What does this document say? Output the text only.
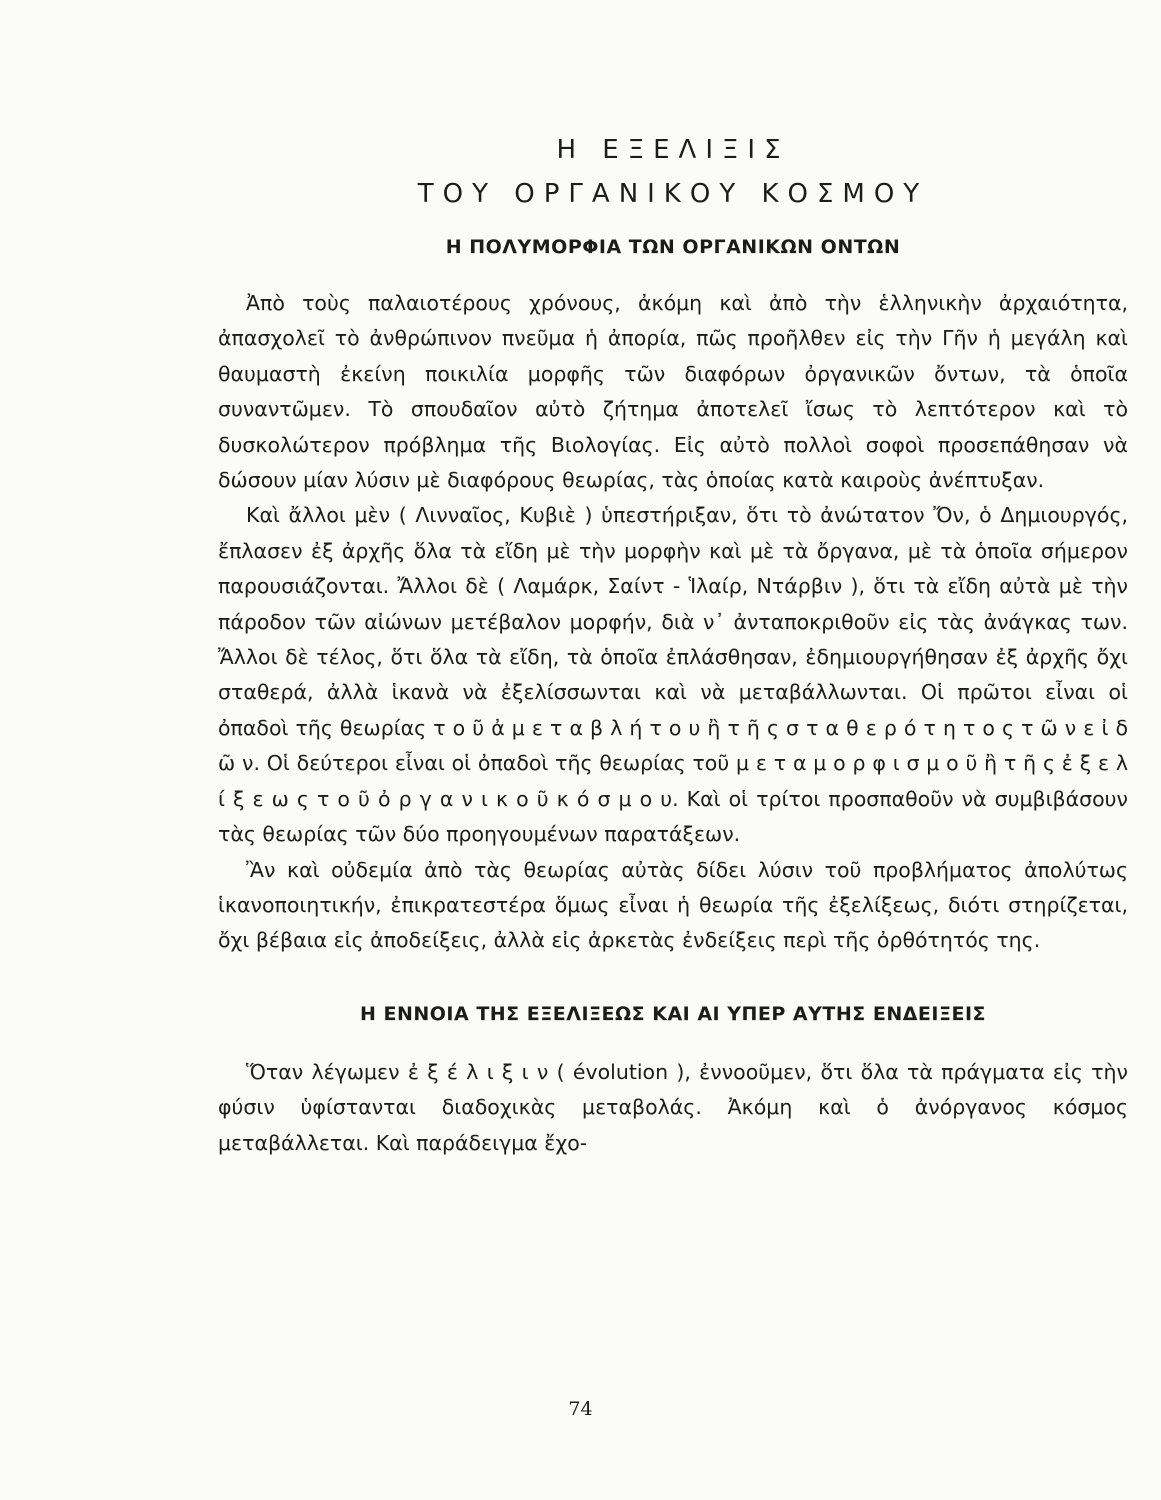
Η ΕΞΕΛΙΞΙΣ
ΤΟΥ ΟΡΓΑΝΙΚΟΥ ΚΟΣΜΟΥ
Η ΠΟΛΥΜΟΡΦΙΑ ΤΩΝ ΟΡΓΑΝΙΚΩΝ ΟΝΤΩΝ

Ἀπὸ τοὺς παλαιοτέρους χρόνους, ἀκόμη καὶ ἀπὸ τὴν ἑλληνικὴν ἀρχαιότητα, ἀπασχολεῖ τὸ ἀνθρώπινον πνεῦμα ἡ ἀπορία, πῶς προῆλθεν εἰς τὴν Γῆν ἡ μεγάλη καὶ θαυμαστὴ ἐκείνη ποικιλία μορφῆς τῶν διαφόρων ὀργανικῶν ὄντων, τὰ ὁποῖα συναντῶμεν. Τὸ σπουδαῖον αὐτὸ ζήτημα ἀποτελεῖ ἴσως τὸ λεπτότερον καὶ τὸ δυσκολώτερον πρόβλημα τῆς Βιολογίας. Εἰς αὐτὸ πολλοὶ σοφοὶ προσεπάθησαν νὰ δώσουν μίαν λύσιν μὲ διαφόρους θεωρίας, τὰς ὁποίας κατὰ καιροὺς ἀνέπτυξαν.

Καὶ ἄλλοι μὲν ( Λινναῖος, Κυβιὲ ) ὑπεστήριξαν, ὅτι τὸ ἀνώτατον Ὄν, ὁ Δημιουργός, ἔπλασεν ἐξ ἀρχῆς ὅλα τὰ εἴδη μὲ τὴν μορφὴν καὶ μὲ τὰ ὄργανα, μὲ τὰ ὁποῖα σήμερον παρουσιάζονται. Ἄλλοι δὲ ( Λαμάρκ, Σαίντ - Ἱλαίρ, Ντάρβιν ), ὅτι τὰ εἴδη αὐτὰ μὲ τὴν πάροδον τῶν αἰώνων μετέβαλον μορφήν, διὰ ν᾽ ἀνταποκριθοῦν εἰς τὰς ἀνάγκας των. Ἄλλοι δὲ τέλος, ὅτι ὅλα τὰ εἴδη, τὰ ὁποῖα ἐπλάσθησαν, ἐδημιουργήθησαν ἐξ ἀρχῆς ὄχι σταθερά, ἀλλὰ ἱκανὰ νὰ ἐξελίσσωνται καὶ νὰ μεταβάλλωνται. Οἱ πρῶτοι εἶναι οἱ ὀπαδοὶ τῆς θεωρίας τ ο ῦ ἀ μ ε τ α β λ ή τ ο υ ἢ τ ῆ ς σ τ α θ ε ρ ό τ η τ ο ς τ ῶ ν ε ἰ δ ῶ ν. Οἱ δεύτεροι εἶναι οἱ ὀπαδοὶ τῆς θεωρίας τοῦ μ ε τ α μ ο ρ φ ι σ μ ο ῦ ἢ τ ῆ ς ἐ ξ ε λ ί ξ ε ω ς τ ο ῦ ὀ ρ γ α ν ι κ ο ῦ κ ό σ μ ο υ. Καὶ οἱ τρίτοι προσπαθοῦν νὰ συμβιβάσουν τὰς θεωρίας τῶν δύο προηγουμένων παρατάξεων.

Ἂν καὶ οὐδεμία ἀπὸ τὰς θεωρίας αὐτὰς δίδει λύσιν τοῦ προβλήματος ἀπολύτως ἱκανοποιητικήν, ἐπικρατεστέρα ὅμως εἶναι ἡ θεωρία τῆς ἐξελίξεως, διότι στηρίζεται, ὄχι βέβαια εἰς ἀποδείξεις, ἀλλὰ εἰς ἀρκετὰς ἐνδείξεις περὶ τῆς ὀρθότητός της.

Η ΕΝΝΟΙΑ ΤΗΣ ΕΞΕΛΙΞΕΩΣ ΚΑΙ ΑΙ ΥΠΕΡ ΑΥΤΗΣ ΕΝΔΕΙΞΕΙΣ

Ὅταν λέγωμεν ἐ ξ έ λ ι ξ ι ν ( évolution ), ἐννοοῦμεν, ὅτι ὅλα τὰ πράγματα εἰς τὴν φύσιν ὑφίστανται διαδοχικὰς μεταβολάς. Ἀκόμη καὶ ὁ ἀνόργανος κόσμος μεταβάλλεται. Καὶ παράδειγμα ἔχο-

74
